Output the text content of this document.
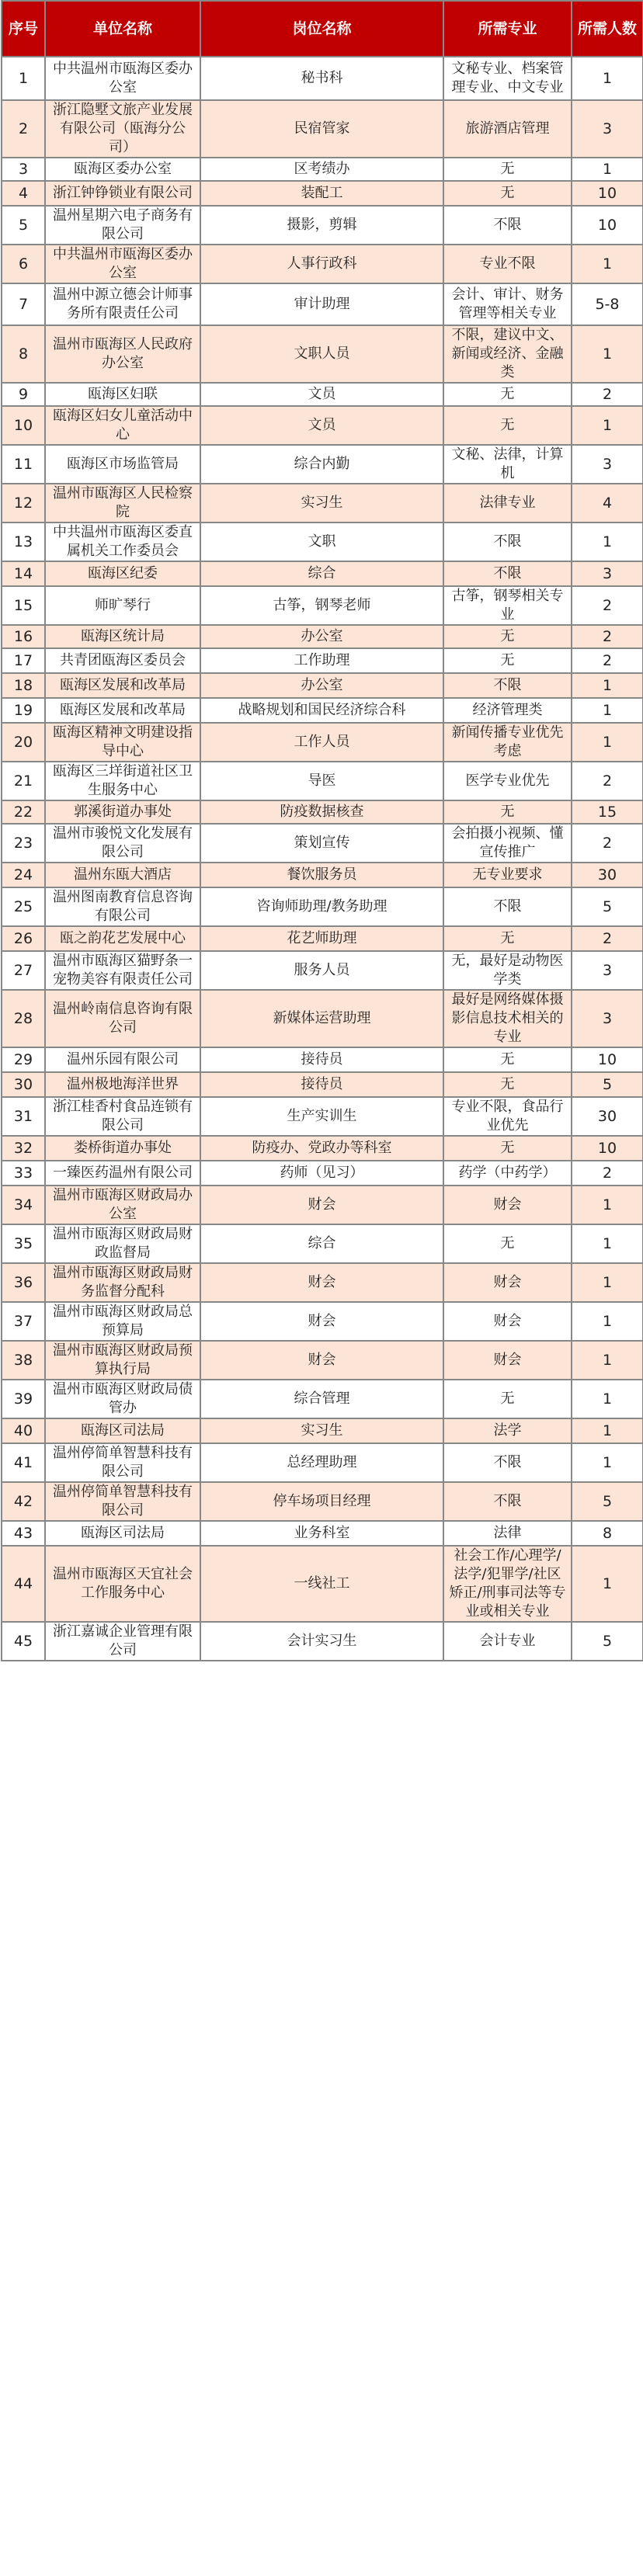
序号	单位名称	岗位名称	所需专业	所需人数
1	中共温州市瓯海区委办公室	秘书科	文秘专业、档案管理专业、中文专业	1
2	浙江隐墅文旅产业发展有限公司（瓯海分公司）	民宿管家	旅游酒店管理	3
3	瓯海区委办公室	区考绩办	无	1
4	浙江钟铮锁业有限公司	装配工	无	10
5	温州星期六电子商务有限公司	摄影，剪辑	不限	10
6	中共温州市瓯海区委办公室	人事行政科	专业不限	1
7	温州中源立德会计师事务所有限责任公司	审计助理	会计、审计、财务管理等相关专业	5-8
8	温州市瓯海区人民政府办公室	文职人员	不限，建议中文、新闻或经济、金融类	1
9	瓯海区妇联	文员	无	2
10	瓯海区妇女儿童活动中心	文员	无	1
11	瓯海区市场监管局	综合内勤	文秘、法律，计算机	3
12	温州市瓯海区人民检察院	实习生	法律专业	4
13	中共温州市瓯海区委直属机关工作委员会	文职	不限	1
14	瓯海区纪委	综合	不限	3
15	师旷琴行	古筝，钢琴老师	古筝，钢琴相关专业	2
16	瓯海区统计局	办公室	无	2
17	共青团瓯海区委员会	工作助理	无	2
18	瓯海区发展和改革局	办公室	不限	1
19	瓯海区发展和改革局	战略规划和国民经济综合科	经济管理类	1
20	瓯海区精神文明建设指导中心	工作人员	新闻传播专业优先考虑	1
21	瓯海区三垟街道社区卫生服务中心	导医	医学专业优先	2
22	郭溪街道办事处	防疫数据核查	无	15
23	温州市骏悦文化发展有限公司	策划宣传	会拍摄小视频、懂宣传推广	2
24	温州东瓯大酒店	餐饮服务员	无专业要求	30
25	温州图南教育信息咨询有限公司	咨询师助理/教务助理	不限	5
26	瓯之韵花艺发展中心	花艺师助理	无	2
27	温州市瓯海区猫野条一宠物美容有限责任公司	服务人员	无，最好是动物医学类	3
28	温州岭南信息咨询有限公司	新媒体运营助理	最好是网络媒体摄影信息技术相关的专业	3
29	温州乐园有限公司	接待员	无	10
30	温州极地海洋世界	接待员	无	5
31	浙江桂香村食品连锁有限公司	生产实训生	专业不限，食品行业优先	30
32	娄桥街道办事处	防疫办、党政办等科室	无	10
33	一臻医药温州有限公司	药师（见习）	药学（中药学）	2
34	温州市瓯海区财政局办公室	财会	财会	1
35	温州市瓯海区财政局财政监督局	综合	无	1
36	温州市瓯海区财政局财务监督分配科	财会	财会	1
37	温州市瓯海区财政局总预算局	财会	财会	1
38	温州市瓯海区财政局预算执行局	财会	财会	1
39	温州市瓯海区财政局债管办	综合管理	无	1
40	瓯海区司法局	实习生	法学	1
41	温州停简单智慧科技有限公司	总经理助理	不限	1
42	温州停简单智慧科技有限公司	停车场项目经理	不限	5
43	瓯海区司法局	业务科室	法律	8
44	温州市瓯海区天宜社会工作服务中心	一线社工	社会工作/心理学/法学/犯罪学/社区矫正/刑事司法等专业或相关专业	1
45	浙江嘉诚企业管理有限公司	会计实习生	会计专业	5
